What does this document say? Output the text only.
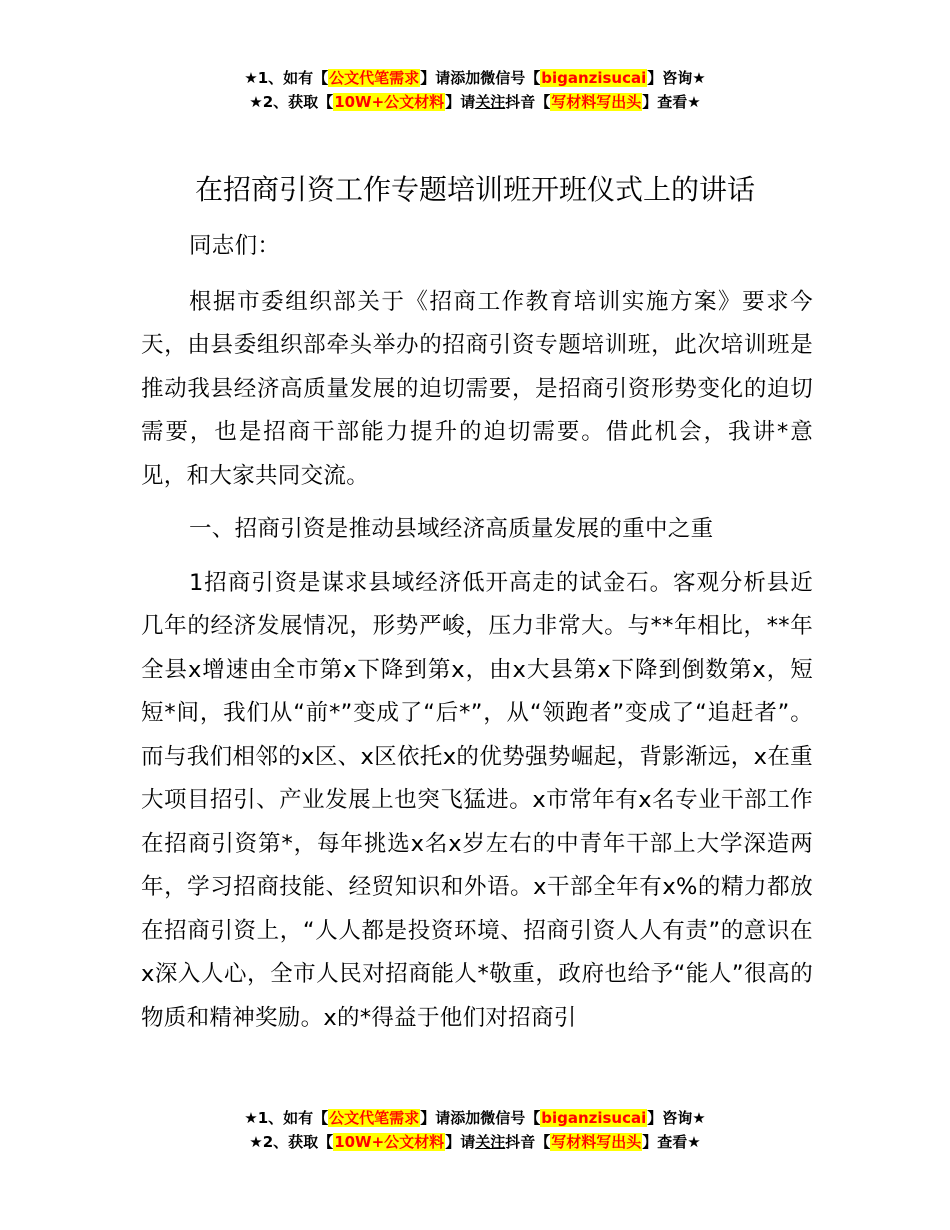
★1、如有【公文代笔需求】请添加微信号【biganzisucai】咨询★
★2、获取【10W+公文材料】请关注抖音【写材料写出头】查看★
在招商引资工作专题培训班开班仪式上的讲话

同志们：

根据市委组织部关于《招商工作教育培训实施方案》要求今天，由县委组织部牵头举办的招商引资专题培训班，此次培训班是推动我县经济高质量发展的迫切需要，是招商引资形势变化的迫切需要，也是招商干部能力提升的迫切需要。借此机会，我讲*意见，和大家共同交流。

一、招商引资是推动县域经济高质量发展的重中之重

1招商引资是谋求县域经济低开高走的试金石。客观分析县近几年的经济发展情况，形势严峻，压力非常大。与**年相比，**年全县x增速由全市第x下降到第x，由x大县第x下降到倒数第x，短短*间，我们从“前*”变成了“后*”，从“领跑者”变成了“追赶者”。而与我们相邻的x区、x区依托x的优势强势崛起，背影渐远，x在重大项目招引、产业发展上也突飞猛进。x市常年有x名专业干部工作在招商引资第*，每年挑选x名x岁左右的中青年干部上大学深造两年，学习招商技能、经贸知识和外语。x干部全年有x%的精力都放在招商引资上，“人人都是投资环境、招商引资人人有责”的意识在x深入人心，全市人民对招商能人*敬重，政府也给予“能人”很高的物质和精神奖励。x的*得益于他们对招商引

★1、如有【公文代笔需求】请添加微信号【biganzisucai】咨询★
★2、获取【10W+公文材料】请关注抖音【写材料写出头】查看★
